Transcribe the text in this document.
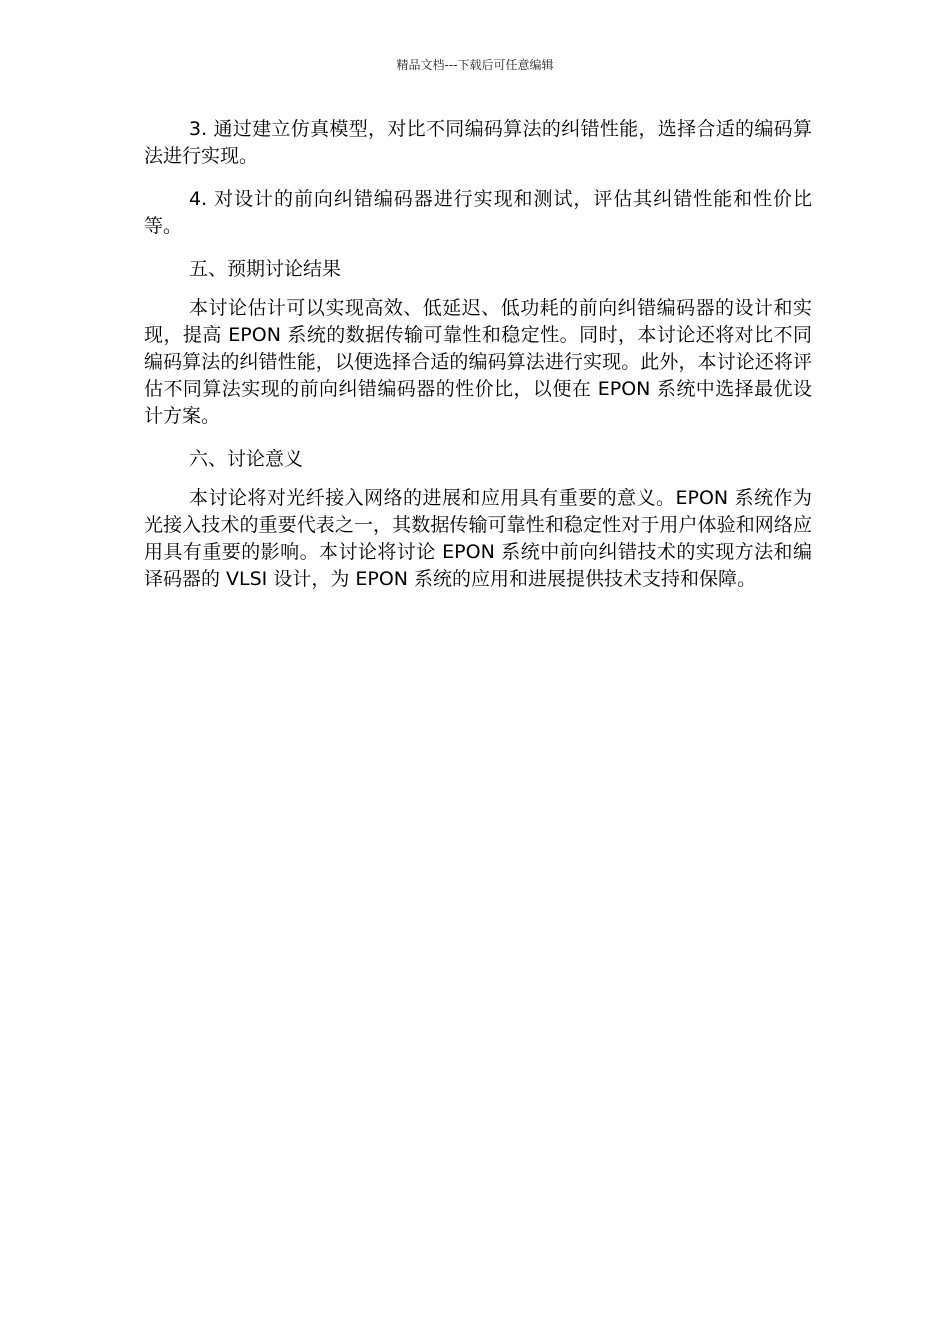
精品文档---下载后可任意编辑

3. 通过建立仿真模型，对比不同编码算法的纠错性能，选择合适的编码算法进行实现。

4. 对设计的前向纠错编码器进行实现和测试，评估其纠错性能和性价比等。

五、预期讨论结果

本讨论估计可以实现高效、低延迟、低功耗的前向纠错编码器的设计和实现，提高 EPON 系统的数据传输可靠性和稳定性。同时，本讨论还将对比不同编码算法的纠错性能，以便选择合适的编码算法进行实现。此外，本讨论还将评估不同算法实现的前向纠错编码器的性价比，以便在 EPON 系统中选择最优设计方案。

六、讨论意义

本讨论将对光纤接入网络的进展和应用具有重要的意义。EPON 系统作为光接入技术的重要代表之一，其数据传输可靠性和稳定性对于用户体验和网络应用具有重要的影响。本讨论将讨论 EPON 系统中前向纠错技术的实现方法和编译码器的 VLSI 设计，为 EPON 系统的应用和进展提供技术支持和保障。
